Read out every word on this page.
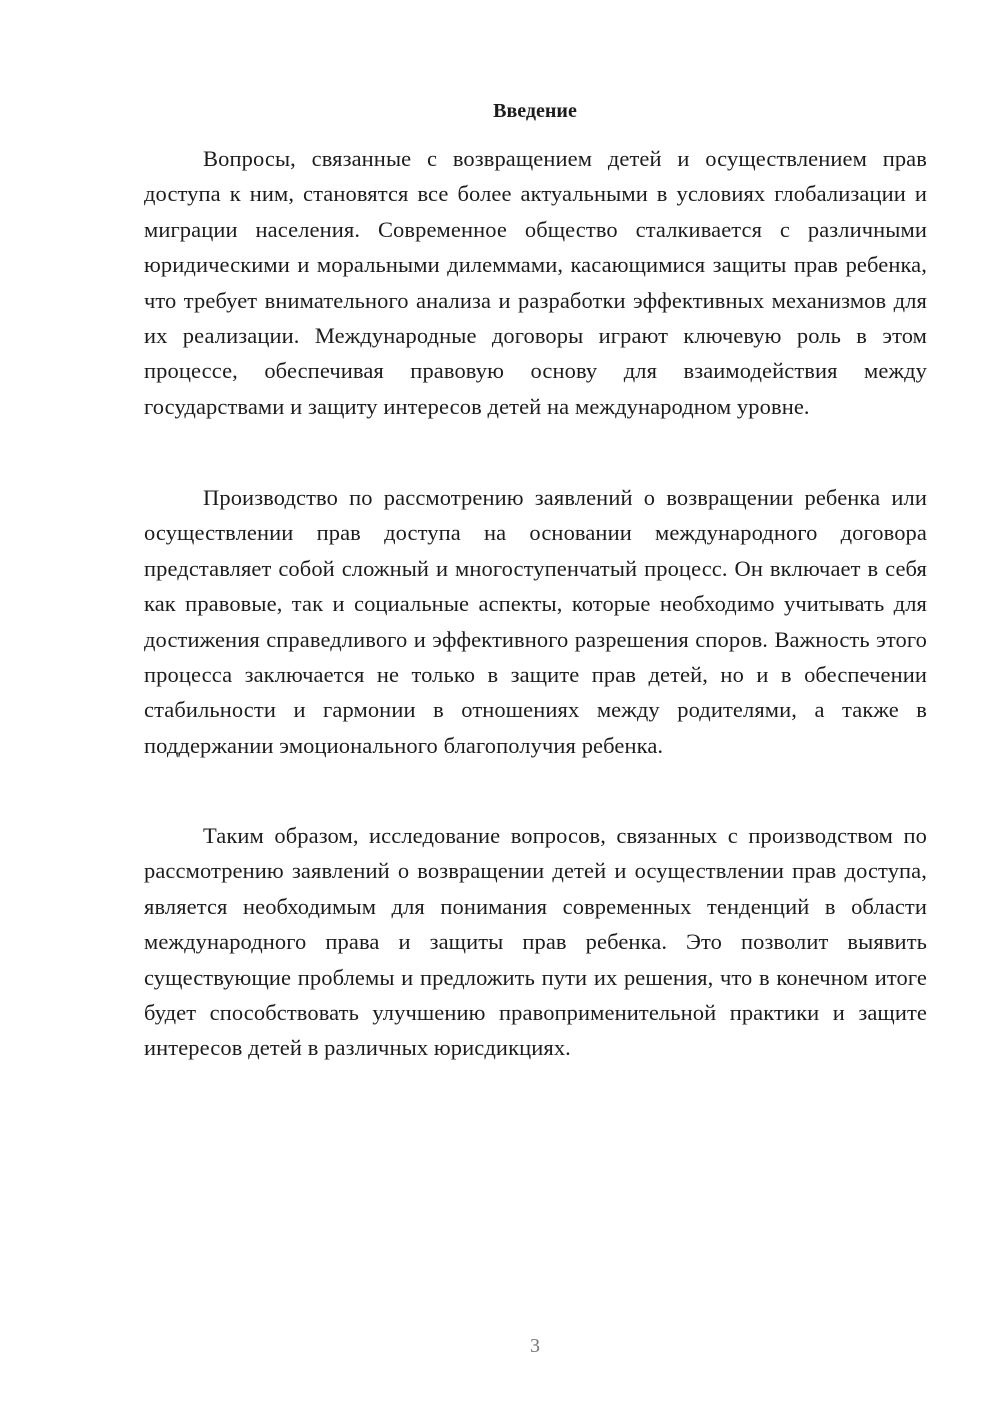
Введение

Вопросы, связанные с возвращением детей и осуществлением прав доступа к ним, становятся все более актуальными в условиях глобализации и миграции населения. Современное общество сталкивается с различными юридическими и моральными дилеммами, касающимися защиты прав ребенка, что требует внимательного анализа и разработки эффективных механизмов для их реализации. Международные договоры играют ключевую роль в этом процессе, обеспечивая правовую основу для взаимодействия между государствами и защиту интересов детей на международном уровне.

Производство по рассмотрению заявлений о возвращении ребенка или осуществлении прав доступа на основании международного договора представляет собой сложный и многоступенчатый процесс. Он включает в себя как правовые, так и социальные аспекты, которые необходимо учитывать для достижения справедливого и эффективного разрешения споров. Важность этого процесса заключается не только в защите прав детей, но и в обеспечении стабильности и гармонии в отношениях между родителями, а также в поддержании эмоционального благополучия ребенка.

Таким образом, исследование вопросов, связанных с производством по рассмотрению заявлений о возвращении детей и осуществлении прав доступа, является необходимым для понимания современных тенденций в области международного права и защиты прав ребенка. Это позволит выявить существующие проблемы и предложить пути их решения, что в конечном итоге будет способствовать улучшению правоприменительной практики и защите интересов детей в различных юрисдикциях.

3
